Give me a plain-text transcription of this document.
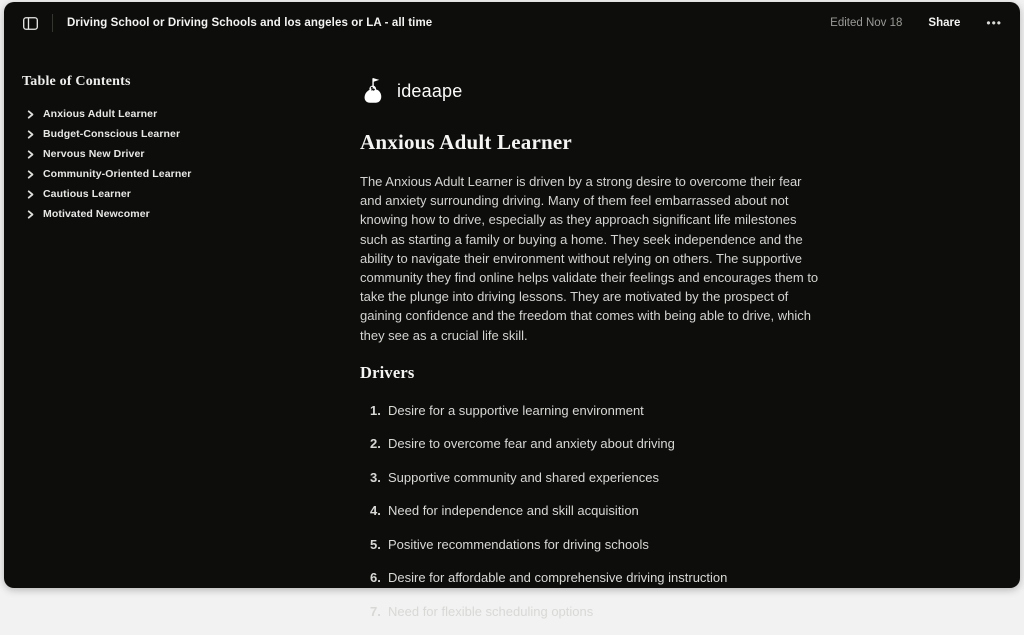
Driving School or Driving Schools and los angeles or LA - all time	Edited Nov 18 Share •••
Table of Contents
Anxious Adult Learner
Budget-Conscious Learner
Nervous New Driver
Community-Oriented Learner
Cautious Learner
Motivated Newcomer
ideaape
Anxious Adult Learner

The Anxious Adult Learner is driven by a strong desire to overcome their fear and anxiety surrounding driving. Many of them feel embarrassed about not knowing how to drive, especially as they approach significant life milestones such as starting a family or buying a home. They seek independence and the ability to navigate their environment without relying on others. The supportive community they find online helps validate their feelings and encourages them to take the plunge into driving lessons. They are motivated by the prospect of gaining confidence and the freedom that comes with being able to drive, which they see as a crucial life skill.

Drivers
1. Desire for a supportive learning environment
2. Desire to overcome fear and anxiety about driving
3. Supportive community and shared experiences
4. Need for independence and skill acquisition
5. Positive recommendations for driving schools
6. Desire for affordable and comprehensive driving instruction
7. Need for flexible scheduling options
